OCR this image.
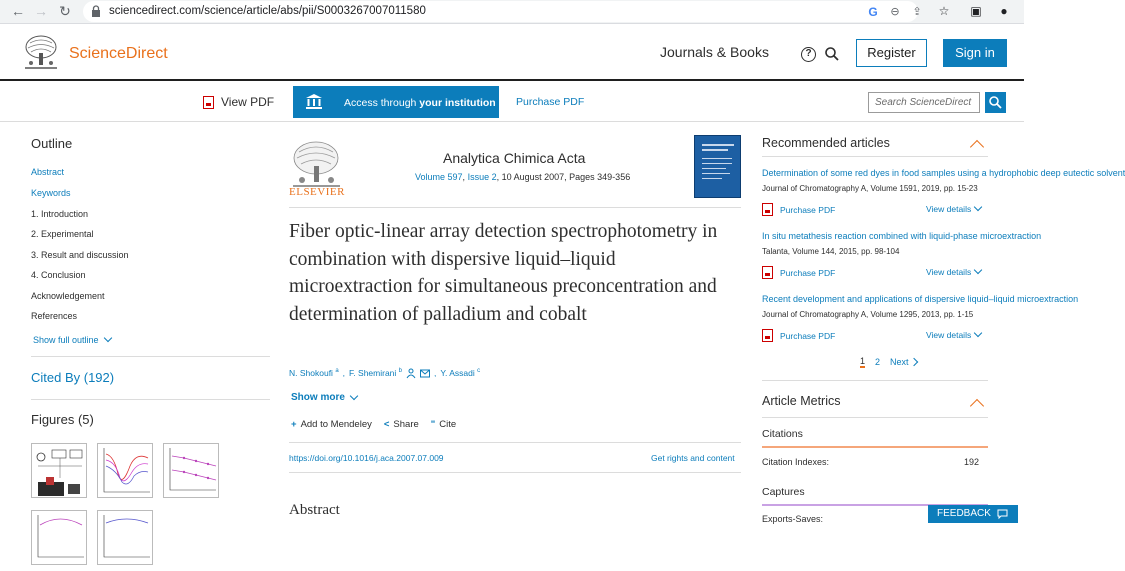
← → ↻	sciencedirect.com/science/article/abs/pii/S0003267007011580	G	⊖	⇪ ☆ ▣	●
ScienceDirect	Journals & Books	?	Register	Sign in
View PDF	Access through your institution Purchase PDF	Search ScienceDirect
Outline
Abstract
Keywords
1. Introduction
2. Experimental
3. Result and discussion
4. Conclusion
Acknowledgement
References
Show full outline
Cited By (192)
Figures (5)
ELSEVIER
Analytica Chimica Acta
Volume 597, Issue 2, 10 August 2007, Pages 349-356
Fiber optic-linear array detection spectrophotometry in combination with dispersive liquid–liquid microextraction for simultaneous preconcentration and determination of palladium and cobalt
N. Shokoufi $^a$ , F. Shemirani $^b$	, Y. Assadi $^c$
Show more
+ Add to Mendeley < Share " Cite
https://doi.org/10.1016/j.aca.2007.07.009	Get rights and content
Abstract
Recommended articles
Determination of some red dyes in food samples using a hydrophobic deep eutectic solvent
Journal of Chromatography A, Volume 1591, 2019, pp. 15-23
Purchase PDF	View details
In situ metathesis reaction combined with liquid-phase microextraction
Talanta, Volume 144, 2015, pp. 98-104
Purchase PDF	View details
Recent development and applications of dispersive liquid–liquid microextraction
Journal of Chromatography A, Volume 1295, 2013, pp. 1-15
Purchase PDF	View details
1 2 Next
Article Metrics
Citations
Citation Indexes:	192
Captures
Exports-Saves:	FEEDBACK
